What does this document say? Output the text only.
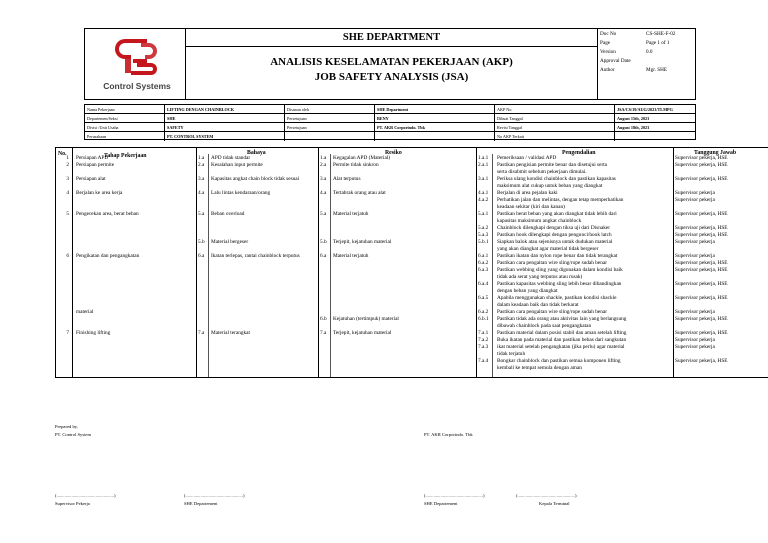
Control Systems
SHE DEPARTMENT
ANALISIS KESELAMATAN PEKERJAAN (AKP)
JOB SAFETY ANALYSIS (JSA)
Doc No	CS-SHE-F-02
Page	Page 1 of 1
Version	0.0
Approval Date
Author	Mgr. SHE
Nama Pekerjaan	LIFTING DENGAN CHAINBLOCK	Disusun oleh	SHE Department	AKP No.	JSA/CS/19/AUG/2023/TLMPG
Departemen/Seksi	SHE	Persetujuan	BENY	Dibuat Tanggal	August 15th, 2023
Divisi /Unit Usaha	SAFETY	Persetujuan	PT. AKR Corporindo. Tbk	Revisi Tanggal	August 18th, 2023
Perusahaan	PT. CONTROL SYSTEM	No AKP Terkait
No.	Tahap Pekerjaan	Bahaya	Resiko	Pengendalian	Tanggung Jawab
1 Persiapan APD	1.a APD tidak standar	1.a Kegagalan APD (Material)	1.a.1 Pemeriksaan / validasi APD	Supervisor pekerja, HSE
2 Persiapan permite	2.a Kesalahan input permite	2.a Permite tidak sinkron	2.a.1 Pastikan pengisian permite benar dan disetujui serta	Supervisor pekerja, HSE
serta disubmit sebelum pekerjaan dimulai.
3 Persiapan alat	3.a Kapasitas angkat chain block tidak sesuai	3.a Alat terputus	3.a.1 Periksa ulang kondisi chainblock dan pastikan kapasitas	Supervisor pekerja, HSE
maksimum alat cukup untuk beban yang diangkat
4 Berjalan ke area kerja	4.a Lalu lintas kendaraan/orang	4.a Tertabrak orang atau alat	4.a.1 Berjalan di area pejalan kaki	Supervisor pekerja
4.a.2 Perhatikan jalan dan melintas, dengan tetap memperhatikan	Supervisor pekerja
keadaan sekitar (kiri dan kanan)
5 Pengecekan area, berat beban	5.a Beban overload	5.a Material terjatuh	5.a.1 Pastikan berat beban yang akan diangkat tidak lebih dari	Supervisor pekerja, HSE
kapasitas maksimum angkat chainblock
5.a.2 Chainblock dilengkapi dengan tiksa uji dari Disnaker	Supervisor pekerja, HSE
5.a.3 Pastikan hook dilengkapi dengan pengunci/hook latch	Supervisor pekerja, HSE
5.b Material bergeser	5.b Terjepit, kejatuhan material	5.b.1 Siapkan balok atau sejenisnya untuk dudukan material	Supervisor pekerja
yang akan diangkat agar material tidak bergeser
6 Pengikatan dan pengangkatan	6.a Ikatan terlepas, rantai chainblock terputus	6.a Material terjatuh	6.a.1 Pastikan ikatan dan nylon rope benar dan tidak terangkat	Supervisor pekerja
6.a.2 Pastikan cara pengaitan wire sling/rope sudah benar	Supervisor pekerja, HSE
6.a.3 Pastikan webbing sling yang digunakan dalam kondisi baik	Supervisor pekerja, HSE
tidak ada serat yang terputus atau rusak)
6.a.4 Pastikan kapasitas webbing sling lebih besar dibandingkan	Supervisor pekerja, HSE
dengan beban yang diangkat
6.a.5 Apabila menggunakan shackle, pastikan kondisi shackle	Supervisor pekerja, HSE
dalam keadaan baik dan tidak berkarat
material	6.a.2 Pastikan cara pengaitan wire sling/rope sudah benar	Supervisor pekerja
6.b Kejatuhan (tertimpuk) material	6.b.1 Pastikan tidak ada orang atau aktivitas lain yang berlangsung	Supervisor pekerja, HSE
dibawah chainblock pada saat pengangkatan
7 Finishing lifting	7.a Material terangkat	7.a Terjepit, kejatuhan material	7.a.1 Pastikan material dalam posisi stabil dan aman setelah lifting	Supervisor pekerja, HSE
7.a.2 Buka ikatan pada material dan pastikan bebas dari sangkutan	Supervisor pekerja
7.a.3 ikat material setelah pengangkatan (jika perlu) agar material	Supervisor pekerja
tidak terjatuh
7.a.4 Bongkar chainblock dan pastikan semua komponen lifting	Supervisor pekerja, HSE
kembali ke tempat semula dengan aman
Prepared by,
PT. Control System	PT. AKR Corporindo. Tbk
(..................................................)	(..................................................)	(..................................................)	(..................................................)
Supervisor Pekerja	SHE Departement	SHE Departement	Kepala Terminal
